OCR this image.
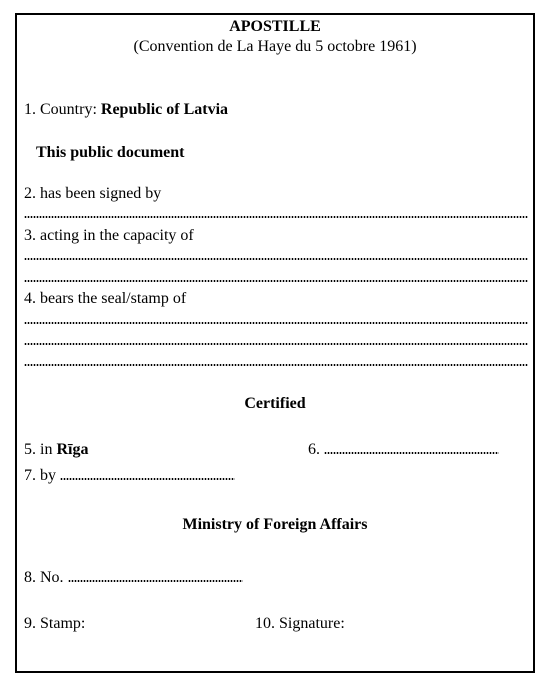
APOSTILLE
(Convention de La Haye du 5 octobre 1961)
1. Country: Republic of Latvia
This public document
2. has been signed by
3. acting in the capacity of
4. bears the seal/stamp of
Certified
5. in Rīga	6.
7. by
Ministry of Foreign Affairs
8. No.
9. Stamp:	10. Signature:
